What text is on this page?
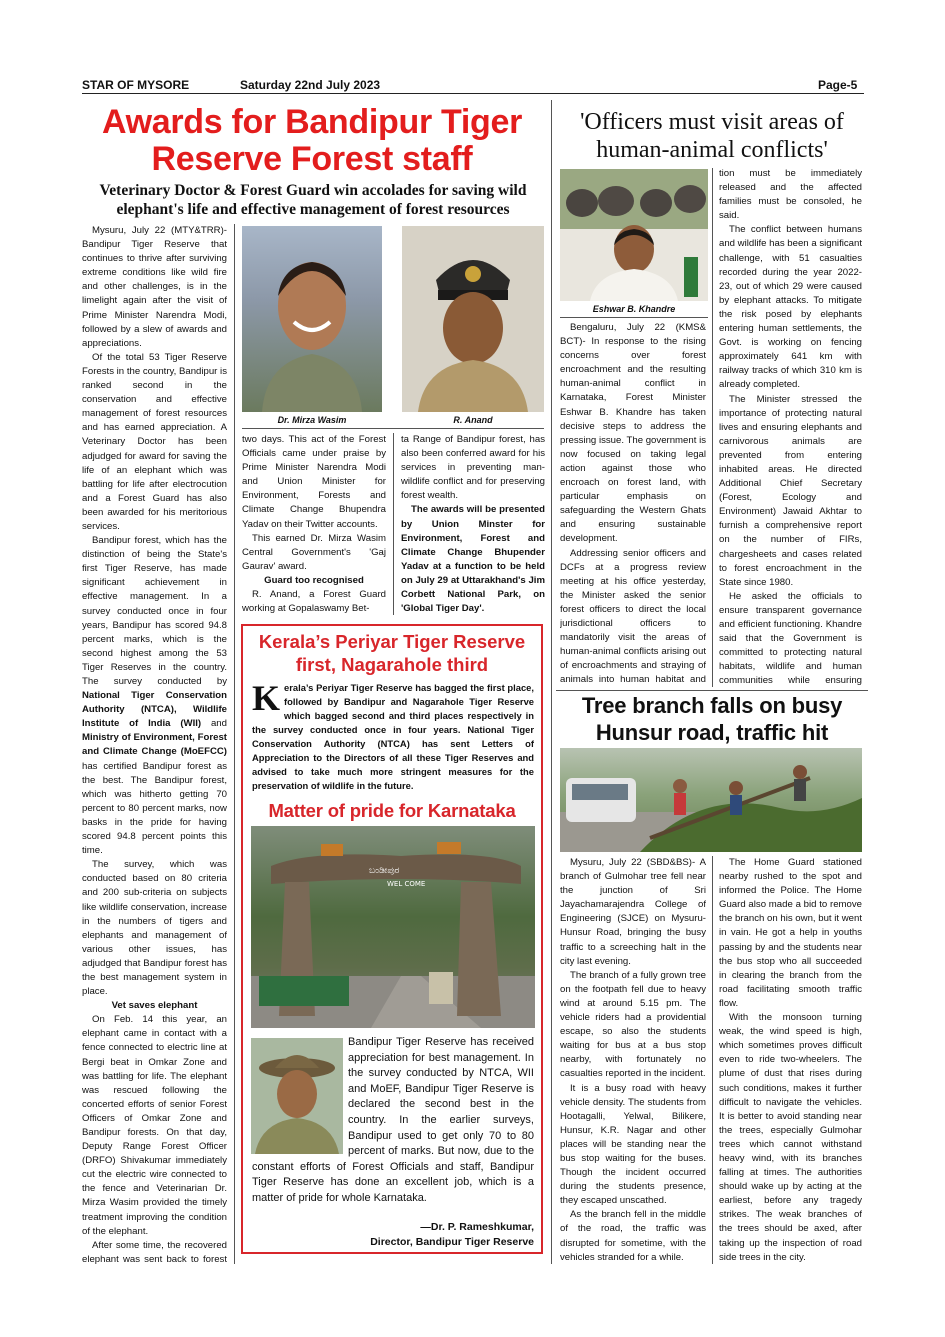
STAR OF MYSORE	Saturday 22nd July 2023	Page-5
Awards for Bandipur Tiger
Reserve Forest staff
Veterinary Doctor & Forest Guard win accolades for saving wild
elephant's life and effective management of forest resources

Mysuru, July 22 (MTY&TRR)- Bandipur Tiger Reserve that continues to thrive after surviving extreme conditions like wild fire and other challenges, is in the limelight again after the visit of Prime Minister Narendra Modi, followed by a slew of awards and appreciations.

Of the total 53 Tiger Reserve Forests in the country, Bandipur is ranked second in the conservation and effective management of forest resources and has earned appreciation. A Veterinary Doctor has been adjudged for award for saving the life of an elephant which was battling for life after electrocution and a Forest Guard has also been awarded for his meritorious services.

Bandipur forest, which has the distinction of being the State's first Tiger Reserve, has made significant achievement in effective management. In a survey conducted once in four years, Bandipur has scored 94.8 percent marks, which is the second highest among the 53 Tiger Reserves in the country. The survey conducted by National Tiger Conservation Authority (NTCA), Wildlife Institute of India (WII) and Ministry of Environment, Forest and Climate Change (MoEFCC) has certified Bandipur forest as the best. The Bandipur forest, which was hitherto getting 70 percent to 80 percent marks, now basks in the pride for having scored 94.8 percent points this time.

The survey, which was conducted based on 80 criteria and 200 sub-criteria on subjects like wildlife conservation, increase in the numbers of tigers and elephants and management of various other issues, has adjudged that Bandipur forest has the best management system in place.

Vet saves elephant

On Feb. 14 this year, an elephant came in contact with a fence connected to electric line at Bergi beat in Omkar Zone and was battling for life. The elephant was rescued following the concerted efforts of senior Forest Officers of Omkar Zone and Bandipur forests. On that day, Deputy Range Forest Officer (DRFO) Shivakumar immediately cut the electric wire connected to the fence and Veterinarian Dr. Mirza Wasim provided the timely treatment improving the condition of the elephant.

After some time, the recovered elephant was sent back to forest

Dr. Mirza Wasim	R. Anand

two days. This act of the Forest Officials came under praise by Prime Minister Narendra Modi and Union Minister for Environment, Forests and Climate Change Bhupendra Yadav on their Twitter accounts.

This earned Dr. Mirza Wasim Central Government's 'Gaj Gaurav' award.

Guard too recognised

R. Anand, a Forest Guard working at Gopalaswamy Bet-

ta Range of Bandipur forest, has also been conferred award for his services in preventing man-wildlife conflict and for preserving forest wealth.

The awards will be presented by Union Minster for Environment, Forest and Climate Change Bhupender Yadav at a function to be held on July 29 at Uttarakhand's Jim Corbett National Park, on 'Global Tiger Day'.

Kerala’s Periyar Tiger Reserve
first, Nagarahole third
Kerala’s Periyar Tiger Reserve has bagged the first place, followed by Bandipur and Nagarahole Tiger Reserve which bagged second and third places respectively in the survey conducted once in four years. National Tiger Conservation Authority (NTCA) has sent Letters of Appreciation to the Directors of all these Tiger Reserves and advised to take much more stringent measures for the preservation of wildlife in the future.
Matter of pride for Karnataka
ಬಂಡೀಪುರ
WEL COME
Bandipur Tiger Reserve has received appreciation for best management. In the survey conducted by NTCA, WII and MoEF, Bandipur Tiger Reserve is declared the second best in the country. In the earlier surveys, Bandipur used to get only 70 to 80 percent of marks. But now, due to the constant efforts of Forest Officials and staff, Bandipur Tiger Reserve has done an excellent job, which is a matter of pride for whole Karnataka.
—Dr. P. Rameshkumar,
Director, Bandipur Tiger Reserve
'Officers must visit areas of
human-animal conflicts'
Eshwar B. Khandre

Bengaluru, July 22 (KMS& BCT)- In response to the rising concerns over forest encroachment and the resulting human-animal conflict in Karnataka, Forest Minister Eshwar B. Khandre has taken decisive steps to address the pressing issue. The government is now focused on taking legal action against those who encroach on forest land, with particular emphasis on safeguarding the Western Ghats and ensuring sustainable development.

Addressing senior officers and DCFs at a progress review meeting at his office yesterday, the Minister asked the senior forest officers to direct the local jurisdictional officers to mandatorily visit the areas of human-animal conflicts arising out of encroachments and straying of animals into human habitat and

tion must be immediately released and the affected families must be consoled, he said.

The conflict between humans and wildlife has been a significant challenge, with 51 casualties recorded during the year 2022-23, out of which 29 were caused by elephant attacks. To mitigate the risk posed by elephants entering human settlements, the Govt. is working on fencing approximately 641 km with railway tracks of which 310 km is already completed.

The Minister stressed the importance of protecting natural lives and ensuring elephants and carnivorous animals are prevented from entering inhabited areas. He directed Additional Chief Secretary (Forest, Ecology and Environment) Jawaid Akhtar to furnish a comprehensive report on the number of FIRs, chargesheets and cases related to forest encroachment in the State since 1980.

He asked the officials to ensure transparent governance and efficient functioning. Khandre said that the Government is committed to protecting natural habitats, wildlife and human communities while ensuring

Tree branch falls on busy
Hunsur road, traffic hit

Mysuru, July 22 (SBD&BS)- A branch of Gulmohar tree fell near the junction of Sri Jayachamarajendra College of Engineering (SJCE) on Mysuru-Hunsur Road, bringing the busy traffic to a screeching halt in the city last evening.

The branch of a fully grown tree on the footpath fell due to heavy wind at around 5.15 pm. The vehicle riders had a providential escape, so also the students waiting for bus at a bus stop nearby, with fortunately no casualties reported in the incident.

It is a busy road with heavy vehicle density. The students from Hootagalli, Yelwal, Bilikere, Hunsur, K.R. Nagar and other places will be standing near the bus stop waiting for the buses. Though the incident occurred during the students presence, they escaped unscathed.

As the branch fell in the middle of the road, the traffic was disrupted for sometime, with the vehicles stranded for a while.

The Home Guard stationed nearby rushed to the spot and informed the Police. The Home Guard also made a bid to remove the branch on his own, but it went in vain. He got a help in youths passing by and the students near the bus stop who all succeeded in clearing the branch from the road facilitating smooth traffic flow.

With the monsoon turning weak, the wind speed is high, which sometimes proves difficult even to ride two-wheelers. The plume of dust that rises during such conditions, makes it further difficult to navigate the vehicles. It is better to avoid standing near the trees, especially Gulmohar trees which cannot withstand heavy wind, with its branches falling at times. The authorities should wake up by acting at the earliest, before any tragedy strikes. The weak branches of the trees should be axed, after taking up the inspection of road side trees in the city.
